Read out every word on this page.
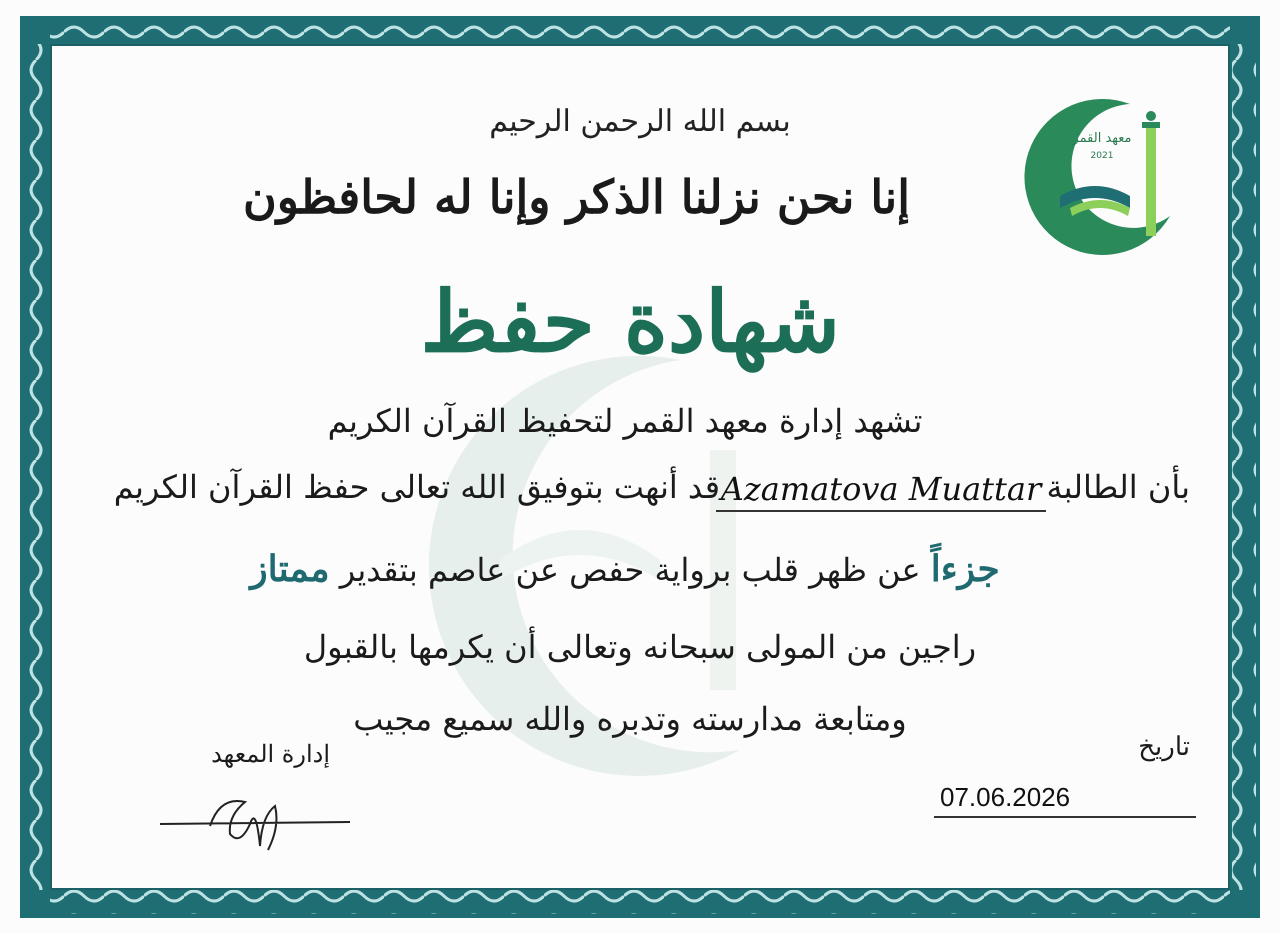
معهد القمر
2021
بسم الله الرحمن الرحيم
إنا نحن نزلنا الذكر وإنا له لحافظون
شهادة حفظ
تشهد إدارة معهد القمر لتحفيظ القرآن الكريم
بأن الطالبة
Azamatova Muattar
قد أنهت بتوفيق الله تعالى حفظ القرآن الكريم
جزءاً عن ظهر قلب برواية حفص عن عاصم بتقدير ممتاز
راجين من المولى سبحانه وتعالى أن يكرمها بالقبول
ومتابعة مدارسته وتدبره والله سميع مجيب
إدارة المعهد	تاريخ
07.06.2026
